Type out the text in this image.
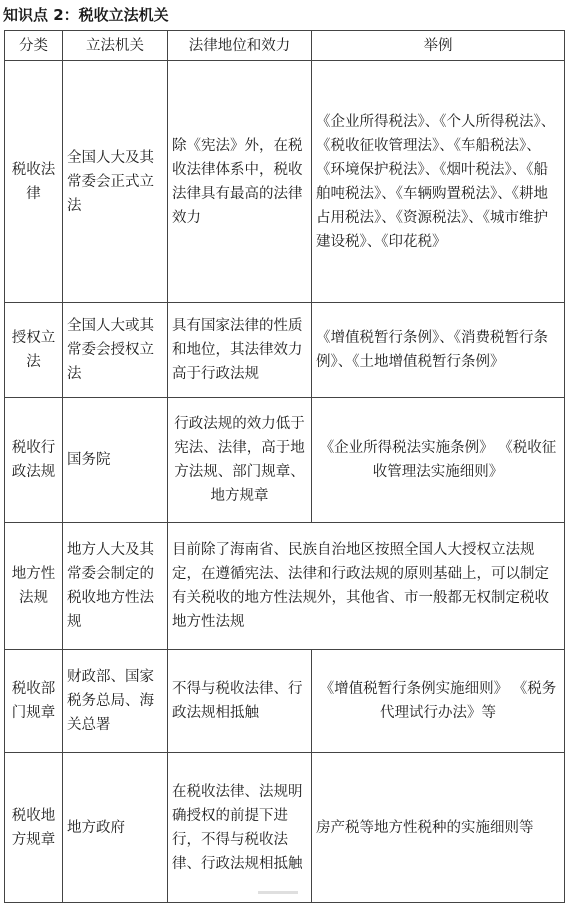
知识点 2：税收立法机关
分类	立法机关	法律地位和效力	举例
税收法律	全国人大及其常委会正式立法	除《宪法》外，在税收法律体系中，税收法律具有最高的法律效力	《企业所得税法》、《个人所得税法》、《税收征收管理法》、《车船税法》、《环境保护税法》、《烟叶税法》、《船舶吨税法》、《车辆购置税法》、《耕地占用税法》、《资源税法》、《城市维护建设税》、《印花税》
授权立法	全国人大或其常委会授权立法	具有国家法律的性质和地位，其法律效力高于行政法规	《增值税暂行条例》、《消费税暂行条例》、《土地增值税暂行条例》
税收行政法规	国务院	行政法规的效力低于宪法、法律，高于地方法规、部门规章、地方规章	《企业所得税法实施条例》 《税收征收管理法实施细则》
地方性法规	地方人大及其常委会制定的税收地方性法规	目前除了海南省、民族自治地区按照全国人大授权立法规定，在遵循宪法、法律和行政法规的原则基础上，可以制定有关税收的地方性法规外，其他省、市一般都无权制定税收地方性法规	
税收部门规章	财政部、国家税务总局、海关总署	不得与税收法律、行政法规相抵触	《增值税暂行条例实施细则》 《税务代理试行办法》等
税收地方规章	地方政府	在税收法律、法规明确授权的前提下进行，不得与税收法律、行政法规相抵触	房产税等地方性税种的实施细则等
